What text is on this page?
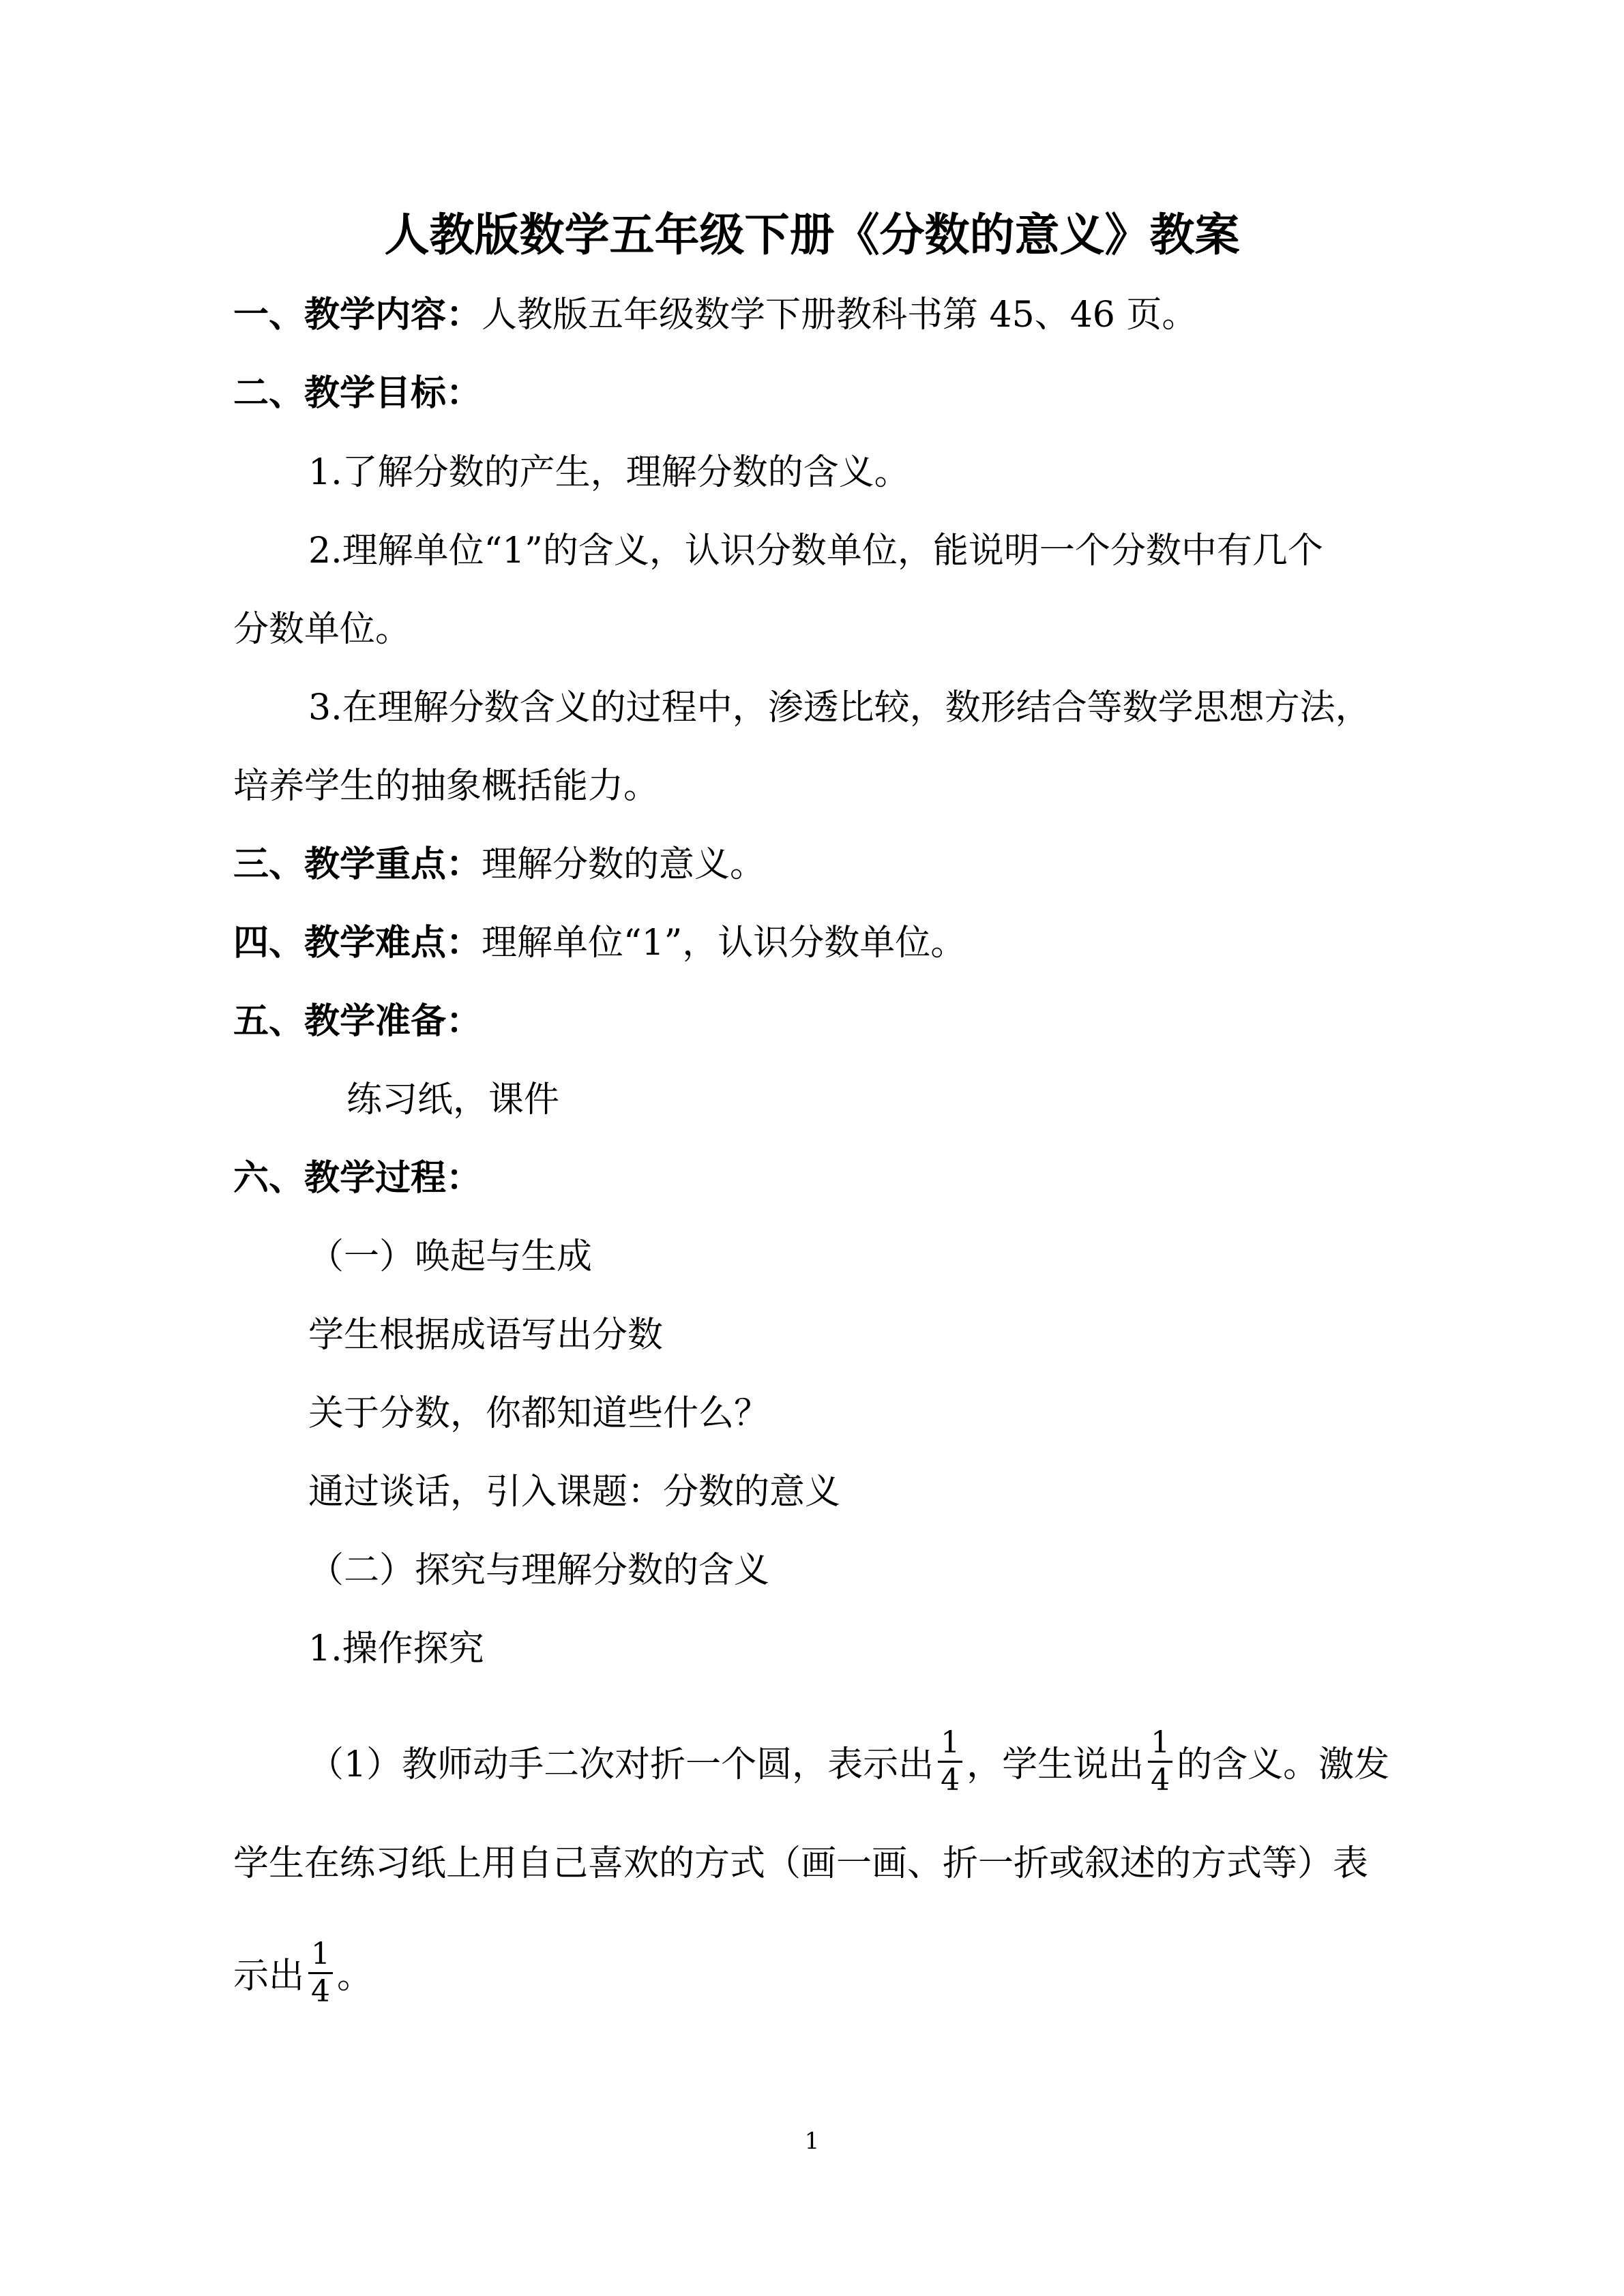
人教版数学五年级下册《分数的意义》教案
一、教学内容：人教版五年级数学下册教科书第 45、46 页。
二、教学目标：
1.了解分数的产生，理解分数的含义。
2.理解单位“1”的含义，认识分数单位，能说明一个分数中有几个
分数单位。
3.在理解分数含义的过程中，渗透比较，数形结合等数学思想方法，
培养学生的抽象概括能力。
三、教学重点：理解分数的意义。
四、教学难点：理解单位“1”，认识分数单位。
五、教学准备：
练习纸，课件
六、教学过程：
（一）唤起与生成
学生根据成语写出分数
关于分数，你都知道些什么？
通过谈话，引入课题：分数的意义
（二）探究与理解分数的含义
1.操作探究
（1）教师动手二次对折一个圆，表示出 $\frac{1}{4}$ ，学生说出 $\frac{1}{4}$ 的含义。激发
学生在练习纸上用自己喜欢的方式（画一画、折一折或叙述的方式等）表
示出 $\frac{1}{4}$ 。
1
